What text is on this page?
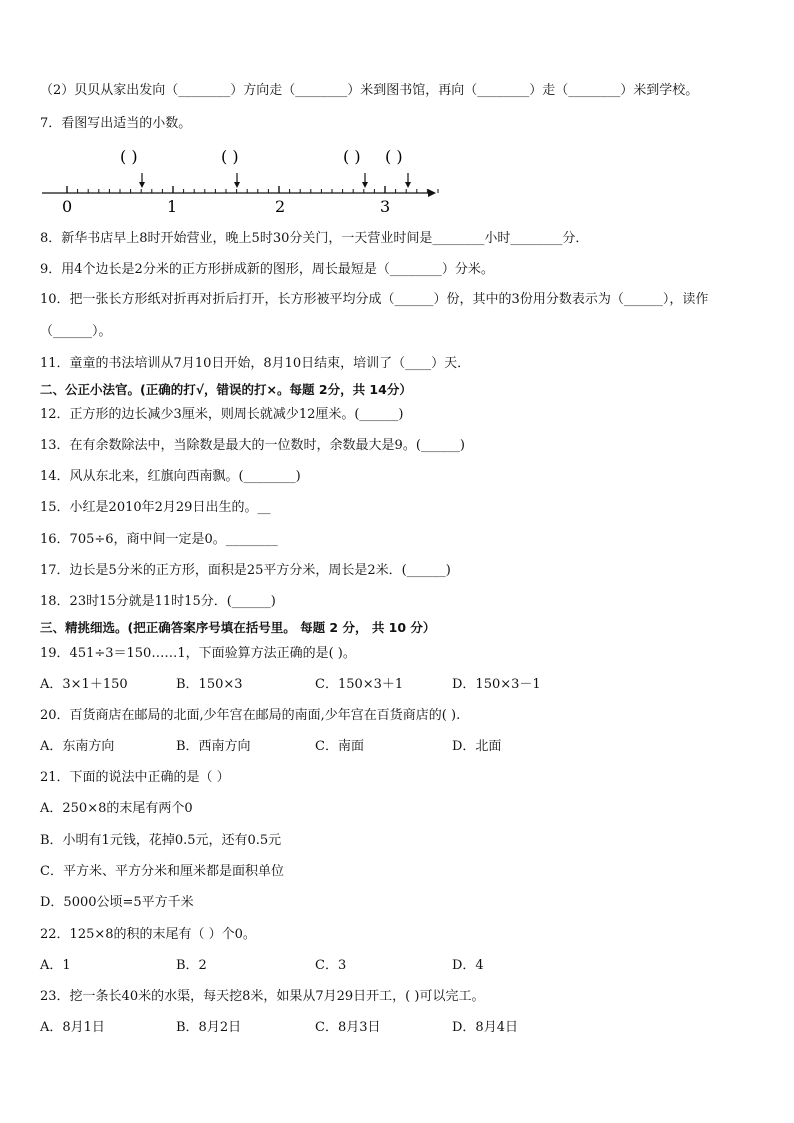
（2）贝贝从家出发向（________）方向走（________）米到图书馆，再向（________）走（________）米到学校。
7．看图写出适当的小数。
( )	( )	( ) ( )
0	1	2	3
8．新华书店早上8时开始营业，晚上5时30分关门，一天营业时间是________小时________分．
9．用4个边长是2分米的正方形拼成新的图形，周长最短是（________）分米。
10．把一张长方形纸对折再对折后打开，长方形被平均分成（______）份，其中的3份用分数表示为（______），读作
（______）。
11．童童的书法培训从7月10日开始，8月10日结束，培训了（____）天．
二、公正小法官。(正确的打√，错误的打×。每题 2分，共 14分）
12．正方形的边长减少3厘米，则周长就减少12厘米。(______)
13．在有余数除法中，当除数是最大的一位数时，余数最大是9。(______)
14．风从东北来，红旗向西南飘。(________)
15．小红是2010年2月29日出生的。__
16．705÷6，商中间一定是0。________
17．边长是5分米的正方形，面积是25平方分米，周长是2米．(______)
18．23时15分就是11时15分．(______)
三、精挑细选。(把正确答案序号填在括号里。 每题 2 分， 共 10 分）
19．451÷3＝150……1，下面验算方法正确的是( )。
A．3×1＋150	B．150×3	C．150×3＋1	D．150×3－1
20．百货商店在邮局的北面,少年宫在邮局的南面,少年宫在百货商店的( ).
A．东南方向	B．西南方向	C．南面	D．北面
21．下面的说法中正确的是（ ）
A．250×8的末尾有两个0
B．小明有1元钱，花掉0.5元，还有0.5元
C．平方米、平方分米和厘米都是面积单位
D．5000公顷=5平方千米
22．125×8的积的末尾有（ ）个0。
A．1	B．2	C．3	D．4
23．挖一条长40米的水渠，每天挖8米，如果从7月29日开工，( )可以完工。
A．8月1日	B．8月2日	C．8月3日	D．8月4日
